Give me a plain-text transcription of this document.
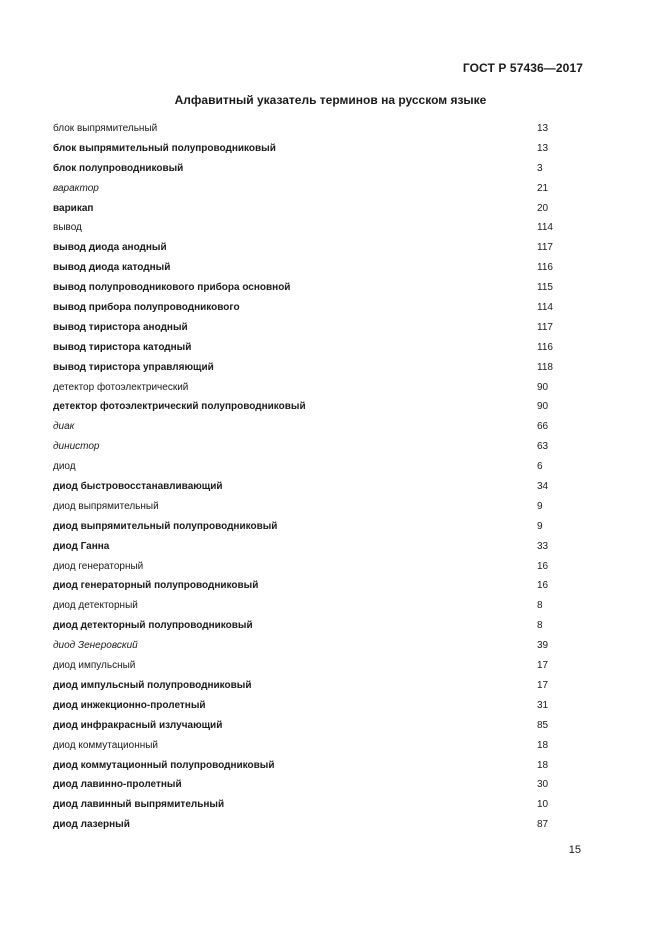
ГОСТ Р 57436—2017
Алфавитный указатель терминов на русском языке
блок выпрямительный	13
блок выпрямительный полупроводниковый	13
блок полупроводниковый	3
варактор	21
варикап	20
вывод	114
вывод диода анодный	117
вывод диода катодный	116
вывод полупроводникового прибора основной	115
вывод прибора полупроводникового	114
вывод тиристора анодный	117
вывод тиристора катодный	116
вывод тиристора управляющий	118
детектор фотоэлектрический	90
детектор фотоэлектрический полупроводниковый	90
диак	66
динистор	63
диод	6
диод быстровосстанавливающий	34
диод выпрямительный	9
диод выпрямительный полупроводниковый	9
диод Ганна	33
диод генераторный	16
диод генераторный полупроводниковый	16
диод детекторный	8
диод детекторный полупроводниковый	8
диод Зенеровский	39
диод импульсный	17
диод импульсный полупроводниковый	17
диод инжекционно-пролетный	31
диод инфракрасный излучающий	85
диод коммутационный	18
диод коммутационный полупроводниковый	18
диод лавинно-пролетный	30
диод лавинный выпрямительный	10
диод лазерный	87
15
